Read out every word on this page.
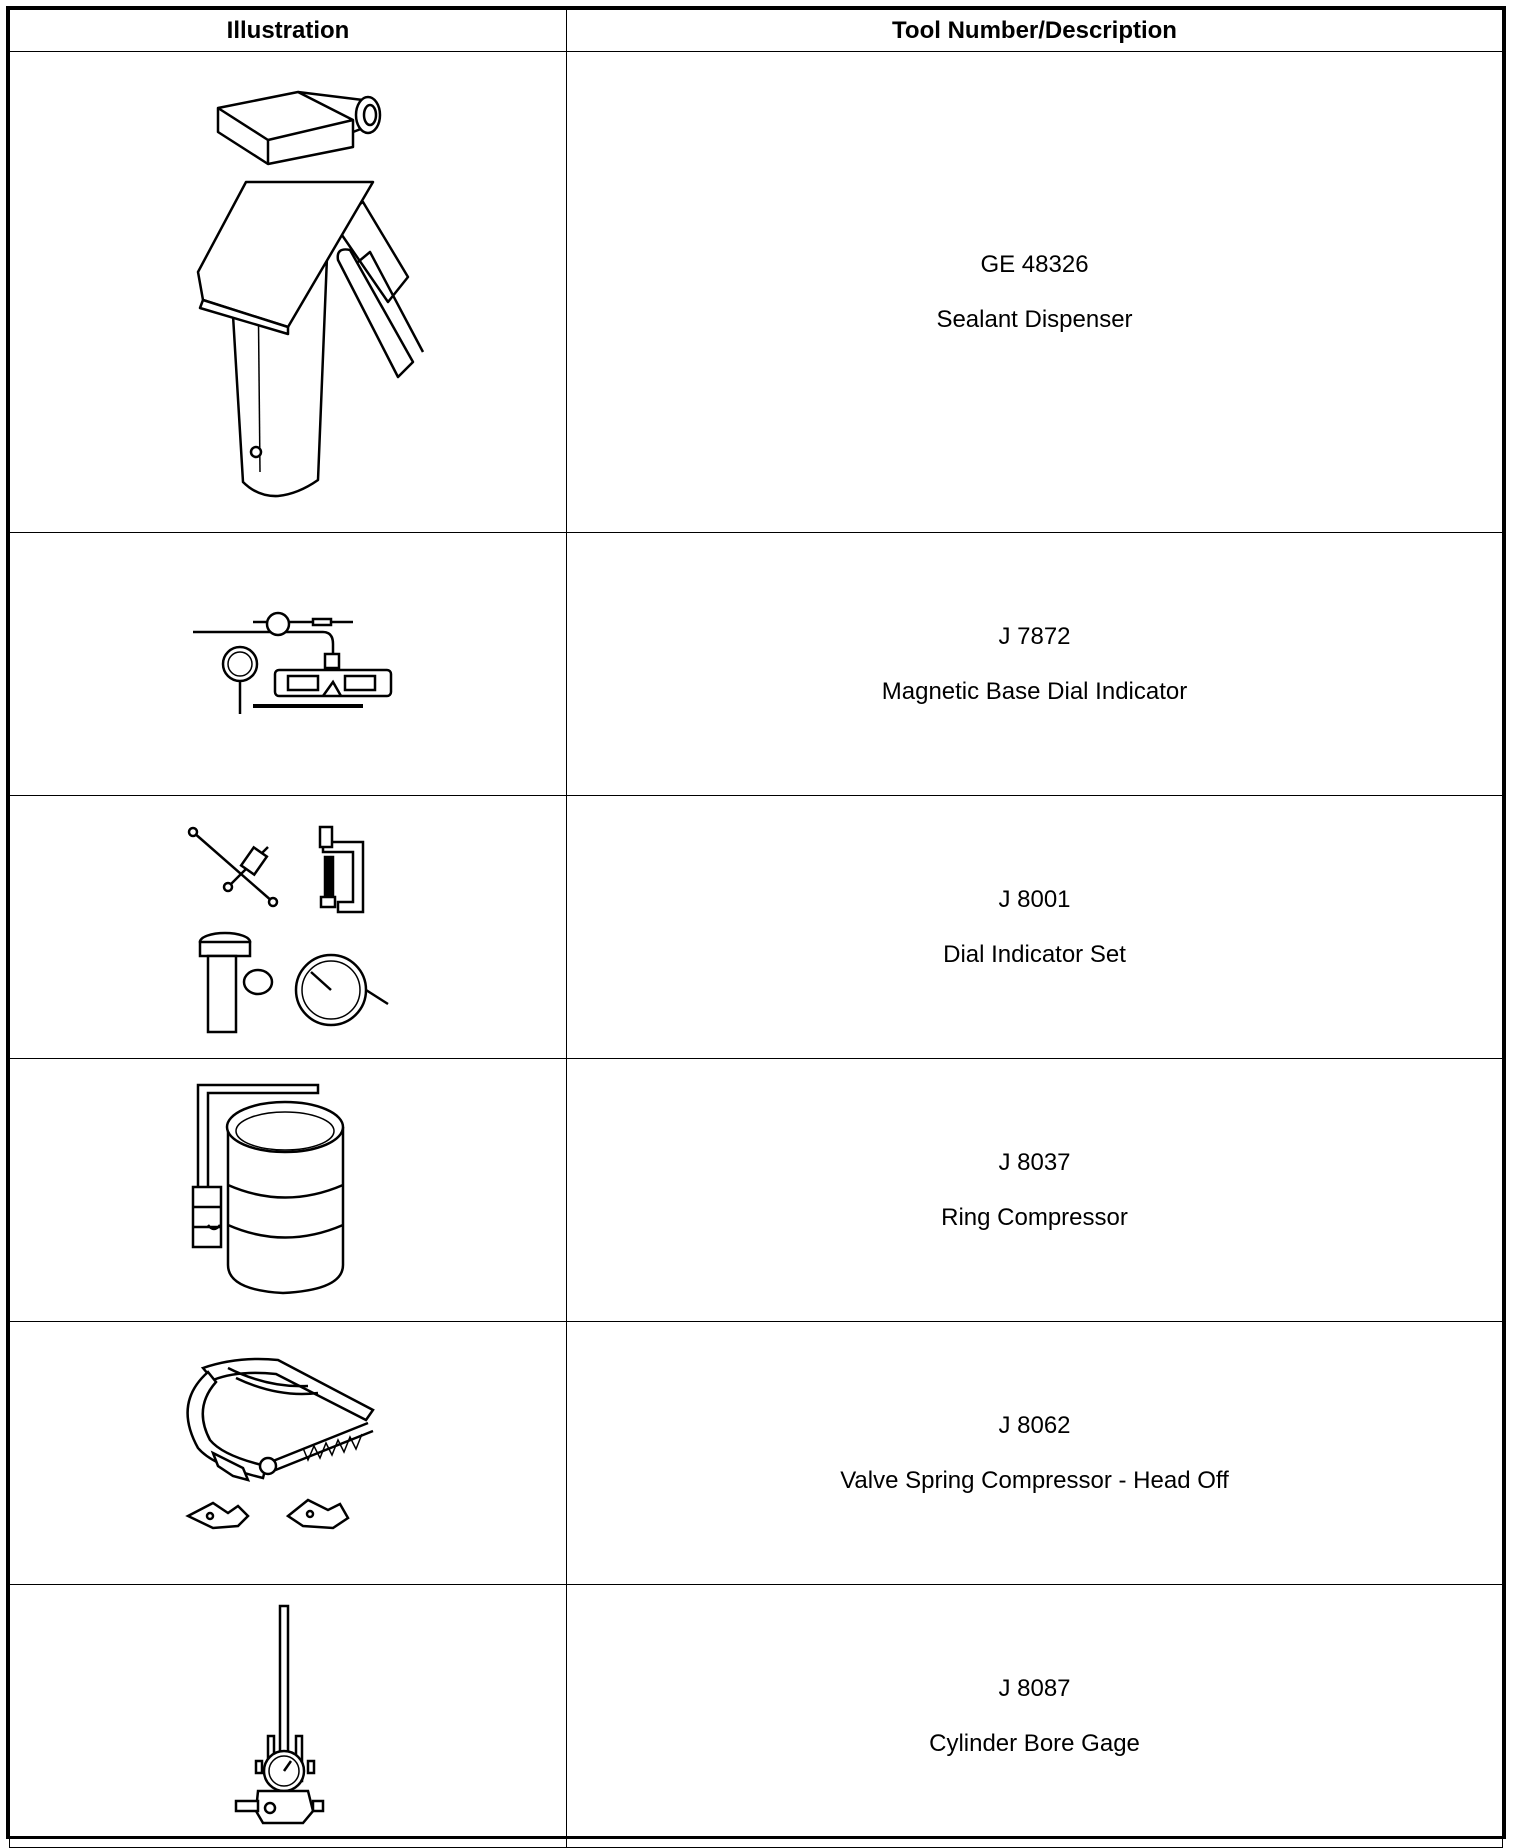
Illustration	Tool Number/Description

GE 48326
Sealant Dispenser

J 7872
Magnetic Base Dial Indicator

J 8001
Dial Indicator Set

J 8037
Ring Compressor

J 8062
Valve Spring Compressor - Head Off

J 8087
Cylinder Bore Gage
